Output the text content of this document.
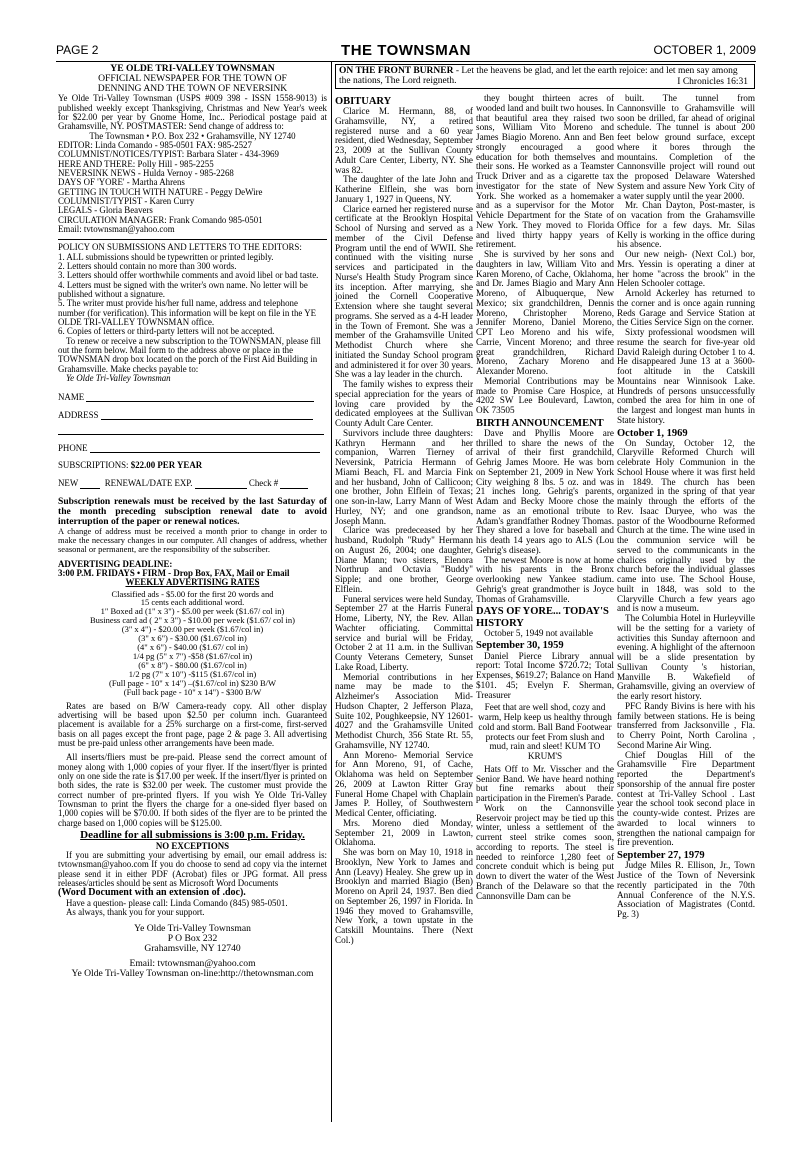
PAGE 2	THE TOWNSMAN	OCTOBER 1, 2009

YE OLDE TRI-VALLEY TOWNSMAN

OFFICIAL NEWSPAPER FOR THE TOWN OF

DENNING AND THE TOWN OF NEVERSINK

Ye Olde Tri-Valley Townsman (USPS #009 398 - ISSN 1558-9013) is published weekly except Thanksgiving, Christmas and New Year's week for $22.00 per year by Gnome Home, Inc.. Periodical postage paid at Grahamsville, NY. POSTMASTER: Send change of address to:

The Townsman • P.O. Box 232 • Grahamsville, NY 12740

EDITOR: Linda Comando - 985-0501 FAX: 985-2527

COLUMNIST/NOTICES/TYPIST: Barbara Slater - 434-3969

HERE AND THERE: Polly Hill - 985-2255

NEVERSINK NEWS - Hulda Vernoy - 985-2268

DAYS OF 'YORE' - Martha Ahrens

GETTING IN TOUCH WITH NATURE - Peggy DeWire

COLUMNIST/TYPIST - Karen Curry

LEGALS - Gloria Beavers

CIRCULATION MANAGER: Frank Comando 985-0501

Email: tvtownsman@yahoo.com

POLICY ON SUBMISSIONS AND LETTERS TO THE EDITORS:

1. ALL submissions should be typewritten or printed legibly.

2. Letters should contain no more than 300 words.

3. Letters should offer worthwhile comments and avoid libel or bad taste.

4. Letters must be signed with the writer's own name. No letter will be published without a signature.

5. The writer must provide his/her full name, address and telephone number (for verification). This information will be kept on file in the YE OLDE TRI-VALLEY TOWNSMAN office.

6. Copies of letters or third-party letters will not be accepted.

To renew or receive a new subscription to the TOWNSMAN, please fill out the form below. Mail form to the address above or place in the TOWNSMAN drop box located on the porch of the First Aid Building in Grahamsville. Make checks payable to:

Ye Olde Tri-Valley Townsman

NAME

ADDRESS

PHONE

SUBSCRIPTIONS: $22.00 PER YEAR

NEW	RENEWAL/DATE EXP.	Check #

Subscription renewals must be received by the last Saturday of the month preceding subsciption renewal date to avoid interruption of the paper or renewal notices.

A change of address must be received a month prior to change in order to make the necessary changes in our computer. All changes of address, whether seasonal or permanent, are the responsibility of the subscriber.

ADVERTISING DEADLINE:

3:00 P.M. FRIDAYS • FIRM - Drop Box, FAX, Mail or Email

WEEKLY ADVERTISING RATES

Classified ads - $5.00 for the first 20 words and

15 cents each additional word.

1" Boxed ad (1" x 3") - $5.00 per week ($1.67/ col in)

Business card ad ( 2" x 3") - $10.00 per week ($1.67/ col in)

(3" x 4") - $20.00 per week ($1.67/col in)

(3" x 6") - $30.00 ($1.67/col in)

(4" x 6") - $40.00 ($1.67/ col in)

1/4 pg (5" x 7") -$58 ($1.67/col in)

(6" x 8") - $80.00 ($1.67/col in)

1/2 pg (7" x 10") -$115 ($1.67/col in)

(Full page - 10" x 14") –($1.67/col in) $230 B/W

(Full back page - 10" x 14") - $300 B/W

Rates are based on B/W Camera-ready copy. All other display advertising will be based upon $2.50 per column inch. Guaranteed placement is available for a 25% surcharge on a first-come, first-served basis on all pages except the front page, page 2 & page 3. All advertising must be pre-paid unless other arrangements have been made.

All inserts/fliers must be pre-paid. Please send the correct amount of money along with 1,000 copies of your flyer. If the insert/flyer is printed only on one side the rate is $17.00 per week. If the insert/flyer is printed on both sides, the rate is $32.00 per week. The customer must provide the correct number of pre-printed flyers. If you wish Ye Olde Tri-Valley Townsman to print the flyers the charge for a one-sided flyer based on 1,000 copies will be $70.00. If both sides of the flyer are to be printed the charge based on 1,000 copies will be $125.00.

Deadline for all submissions is 3:00 p.m. Friday.

NO EXCEPTIONS

If you are submitting your advertising by email, our email address is: tvtownsman@yahoo.com If you do choose to send ad copy via the internet please send it in either PDF (Acrobat) files or JPG format. All press releases/articles should be sent as Microsoft Word Documents

(Word Document with an extension of .doc).

Have a question- please call: Linda Comando (845) 985-0501.

As always, thank you for your support.

Ye Olde Tri-Valley Townsman

P O Box 232

Grahamsville, NY 12740

Email: tvtownsman@yahoo.com

Ye Olde Tri-Valley Townsman on-line:http://thetownsman.com

ON THE FRONT BURNER - Let the heavens be glad, and let the earth rejoice: and let men say among the nations, The Lord reigneth.	I Chronicles 16:31

OBITUARY

Clarice M. Hermann, 88, of Grahamsville, NY, a retired registered nurse and a 60 year resident, died Wednesday, September 23, 2009 at the Sullivan County Adult Care Center, Liberty, NY. She was 82.

The daughter of the late John and Katherine Elflein, she was born January 1, 1927 in Queens, NY.

Clarice earned her registered nurse certificate at the Brooklyn Hospital School of Nursing and served as a member of the Civil Defense Program until the end of WWII. She continued with the visiting nurse services and participated in the Nurse's Health Study Program since its inception. After marrying, she joined the Cornell Cooperative Extension where she taught several programs. She served as a 4-H leader in the Town of Fremont. She was a member of the Grahamsville United Methodist Church where she initiated the Sunday School program and administered it for over 30 years. She was a lay leader in the church.

The family wishes to express their special appreciation for the years of loving care provided by the dedicated employees at the Sullivan County Adult Care Center.

Survivors include three daughters: Kathryn Hermann and her companion, Warren Tierney of Neversink, Patricia Hermann of Miami Beach, FL and Marcia Fink and her husband, John of Callicoon; one brother, John Elflein of Texas; one son-in-law, Larry Mann of West Hurley, NY; and one grandson, Joseph Mann.

Clarice was predeceased by her husband, Rudolph "Rudy" Hermann on August 26, 2004; one daughter, Diane Mann; two sisters, Elenora Northrup and Octavia "Buddy" Sipple; and one brother, George Elflein.

Funeral services were held Sunday, September 27 at the Harris Funeral Home, Liberty, NY, the Rev. Allan Wachter officiating. Committal service and burial will be Friday, October 2 at 11 a.m. in the Sullivan County Veterans Cemetery, Sunset Lake Road, Liberty.

Memorial contributions in her name may be made to the Alzheimer's Association Mid-Hudson Chapter, 2 Jefferson Plaza, Suite 102, Poughkeepsie, NY 12601-4027 and the Grahamsville United Methodist Church, 356 State Rt. 55, Grahamsville, NY 12740.

Ann Moreno- Memorial Service for Ann Moreno, 91, of Cache, Oklahoma was held on September 26, 2009 at Lawton Ritter Gray Funeral Home Chapel with Chaplain James P. Holley, of Southwestern Medical Center, officiating.

Mrs. Moreno died Monday, September 21, 2009 in Lawton, Oklahoma.

She was born on May 10, 1918 in Brooklyn, New York to James and Ann (Leavy) Healey. She grew up in Brooklyn and married Biagio (Ben) Moreno on April 24, 1937. Ben died on September 26, 1997 in Florida. In 1946 they moved to Grahamsville, New York, a town upstate in the Catskill Mountains. There (Next Col.)

they bought thirteen acres of wooded land and built two houses. In that beautiful area they raised two sons, William Vito Moreno and James Biagio Moreno. Ann and Ben strongly encouraged a good education for both themselves and their sons. He worked as a Teamster Truck Driver and as a cigarette tax investigator for the state of New York. She worked as a homemaker and as a supervisor for the Motor Vehicle Department for the State of New York. They moved to Florida and lived thirty happy years of retirement.

She is survived by her sons and daughters in law, William Vito and Karen Moreno, of Cache, Oklahoma, and Dr. James Biagio and Mary Ann Moreno, of Albuquerque, New Mexico; six grandchildren, Dennis Moreno, Christopher Moreno, Jennifer Moreno, Daniel Moreno, CPT Leo Moreno and his wife, Carrie, Vincent Moreno; and three great grandchildren, Richard Moreno, Zachary Moreno and Alexander Moreno.

Memorial Contributions may be made to Promise Care Hospice, at 4202 SW Lee Boulevard, Lawton, OK 73505

BIRTH ANNOUNCEMENT

Dave and Phyllis Moore are thrilled to share the news of the arrival of their first grandchild, Gehrig James Moore. He was born on September 21, 2009 in New York City weighing 8 lbs. 5 oz. and was 21 inches long. Gehrig's parents, Adam and Becky Moore chose the name as an emotional tribute to Adam's grandfather Rodney Thomas. They shared a love for baseball and his death 14 years ago to ALS (Lou Gehrig's disease).

The newest Moore is now at home with his parents in the Bronx overlooking new Yankee stadium. Gehrig's great grandmother is Joyce Thomas of Grahamsville.

DAYS OF YORE... TODAY'S HISTORY

October 5, 1949 not available

September 30, 1959

Daniel Pierce Library annual report: Total Income $720.72; Total Expenses, $619.27; Balance on Hand $101. 45; Evelyn F. Sherman, Treasurer

Feet that are well shod, cozy and warm, Help keep us healthy through cold and storm. Ball Band Footwear protects our feet From slush and mud, rain and sleet! KUM TO KRUM'S

Hats Off to Mr. Visscher and the Senior Band. We have heard nothing but fine remarks about their participation in the Firemen's Parade.

Work on the Cannonsville Reservoir project may be tied up this winter, unless a settlement of the current steel strike comes soon, according to reports. The steel is needed to reinforce 1,280 feet of concrete conduit which is being put down to divert the water of the West Branch of the Delaware so that the Cannonsville Dam can be

built. The tunnel from Cannonsville to Grahamsville will soon be drilled, far ahead of original schedule. The tunnel is about 200 feet below ground surface, except where it bores through the mountains. Completion of the Cannonsville project will round out the proposed Delaware Watershed System and assure New York City of a water supply until the year 2000.

Mr. Chan Dayton, Post-master, is on vacation from the Grahamsville Office for a few days. Mr. Silas Kelly is working in the office during his absence.

Our new neigh- (Next Col.) bor, Mrs. Yessin is operating a diner at her home "across the brook" in the Helen Schooler cottage.

Arnold Ackerley has returned to the corner and is once again running Reds Garage and Service Station at the Cities Service Sign on the corner.

Sixty professional woodsmen will resume the search for five-year old David Raleigh during October 1 to 4. He disappeared June 13 at a 3600-foot altitude in the Catskill Mountains near Winnisook Lake. Hundreds of persons unsuccessfully combed the area for him in one of the largest and longest man hunts in State history.

October 1, 1969

On Sunday, October 12, the Claryville Reformed Church will celebrate Holy Communion in the School House where it was first held in 1849. The church has been organized in the spring of that year mainly through the efforts of the Rev. Isaac Duryee, who was the pastor of the Woodbourne Reformed Church at the time. The wine used in the communion service will be served to the communicants in the chalices originally used by the church before the individual glasses came into use. The School House, built in 1848, was sold to the Claryville Church a few years ago and is now a museum.

The Columbia Hotel in Hurleyville will be the setting for a variety of activities this Sunday afternoon and evening. A highlight of the afternoon will be a slide presentation by Sullivan County 's historian, Manville B. Wakefield of Grahamsville, giving an overview of the early resort history.

PFC Randy Bivins is here with his family between stations. He is being transferred from Jacksonville , Fla. to Cherry Point, North Carolina , Second Marine Air Wing.

Chief Douglas Hill of the Grahamsville Fire Department reported the Department's sponsorship of the annual fire poster contest at Tri-Valley School . Last year the school took second place in the county-wide contest. Prizes are awarded to local winners to strengthen the national campaign for fire prevention.

September 27, 1979

Judge Miles R. Ellison, Jr., Town Justice of the Town of Neversink recently participated in the 70th Annual Conference of the N.Y.S. Association of Magistrates (Contd. Pg. 3)
